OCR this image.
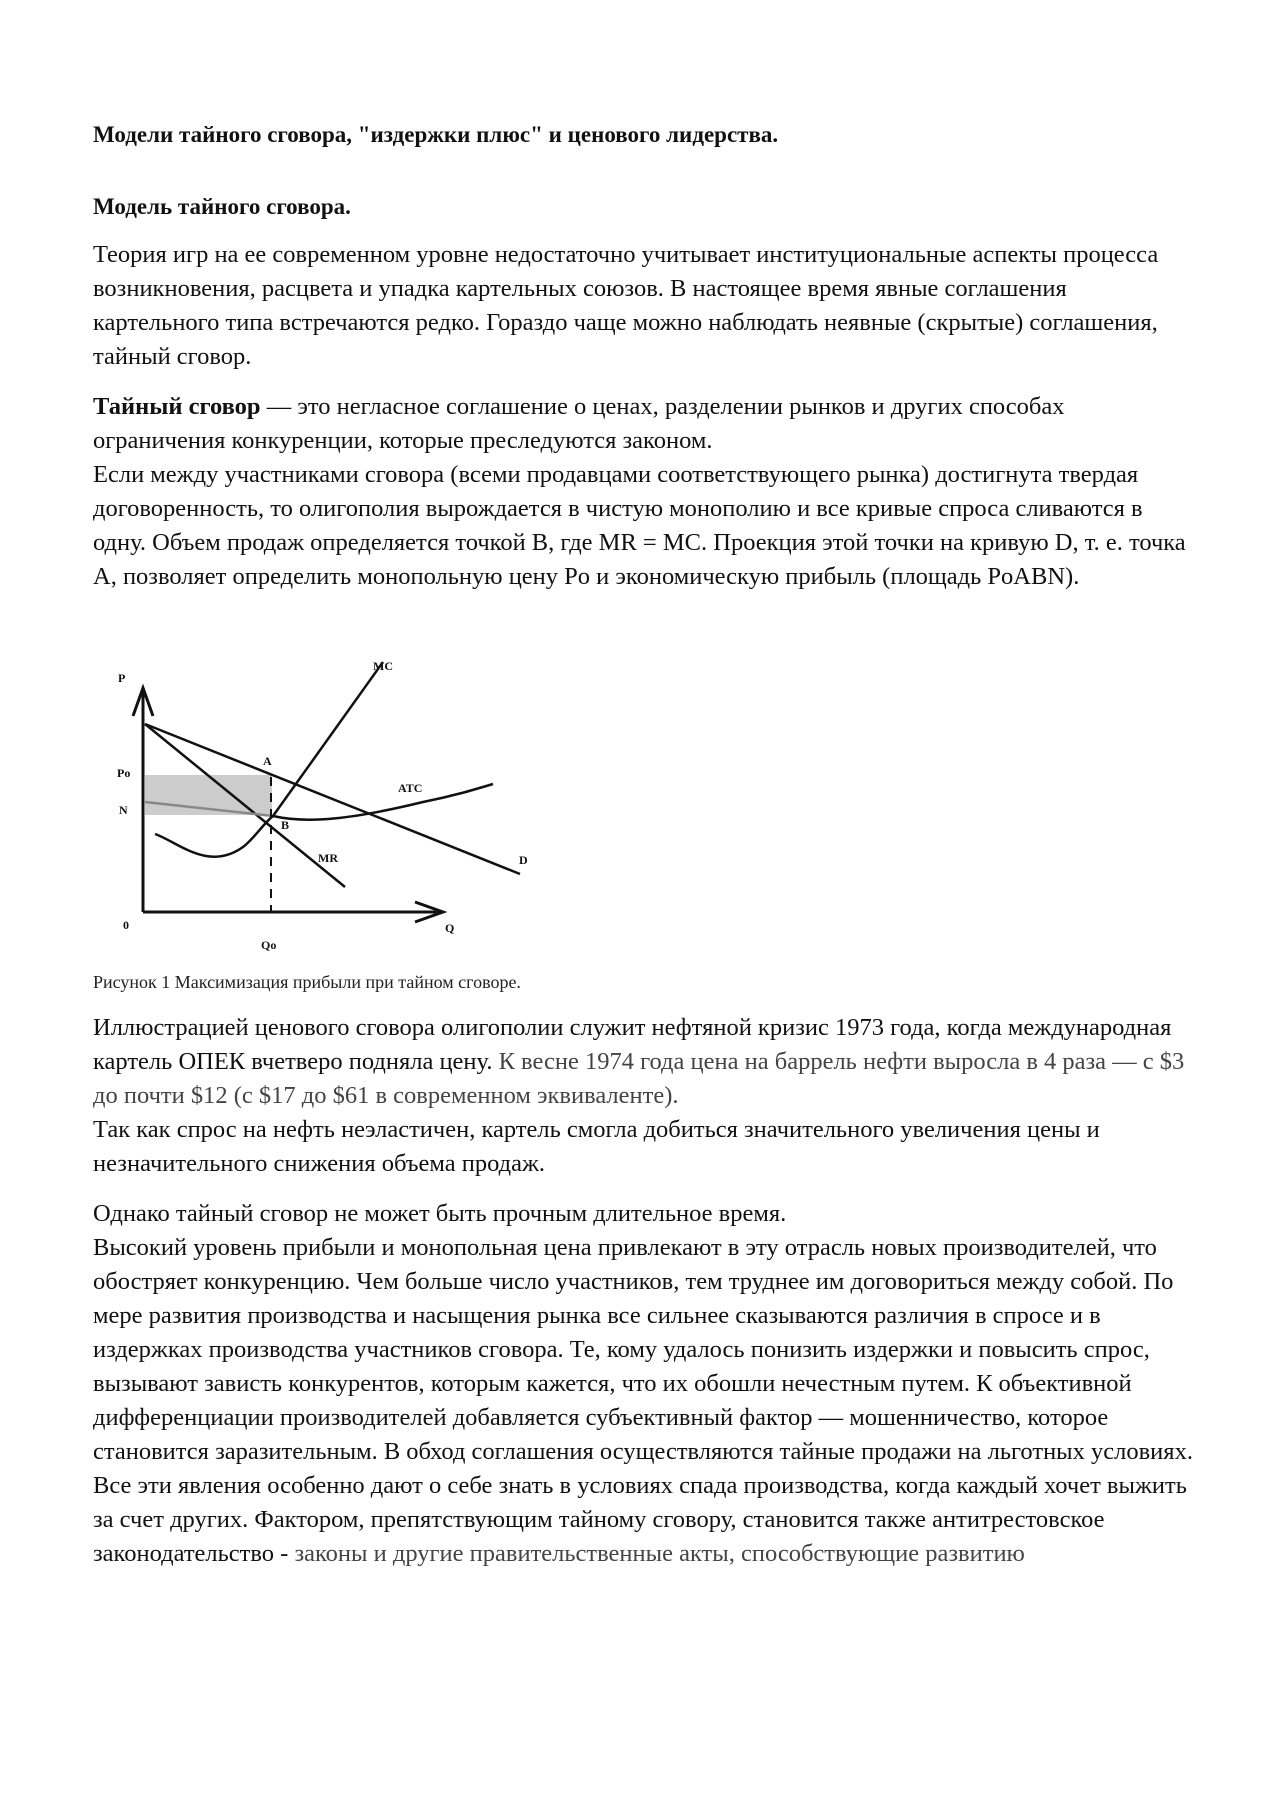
Модели тайного сговора, "издержки плюс" и ценового лидерства.
Модель тайного сговора.

Теория игр на ее современном уровне недостаточно учитывает институциональные аспекты процесса возникновения, расцвета и упадка картельных союзов. В настоящее время явные соглашения картельного типа встречаются редко. Гораздо чаще можно наблюдать неявные (скрытые) соглашения, тайный сговор.

Тайный сговор — это негласное соглашение о ценах, разделении рынков и других способах ограничения конкуренции, которые преследуются законом.
Если между участниками сговора (всеми продавцами соответствующего рынка) достигнута твердая договоренность, то олигополия вырождается в чистую монополию и все кривые спроса сливаются в одну. Объем продаж определяется точкой B, где MR = MC. Проекция этой точки на кривую D, т. е. точка A, позволяет определить монопольную цену Po и экономическую прибыль (площадь PoABN).

P
Po
N
0
Qo
Q
A
B
MC
ATC
MR	D
Рисунок 1 Максимизация прибыли при тайном сговоре.

Иллюстрацией ценового сговора олигополии служит нефтяной кризис 1973 года, когда международная картель ОПЕК вчетверо подняла цену. К весне 1974 года цена на баррель нефти выросла в 4 раза — с $3 до почти $12 (с $17 до $61 в современном эквиваленте).
Так как спрос на нефть неэластичен, картель смогла добиться значительного увеличения цены и незначительного снижения объема продаж.

Однако тайный сговор не может быть прочным длительное время.
Высокий уровень прибыли и монопольная цена привлекают в эту отрасль новых производителей, что обостряет конкуренцию. Чем больше число участников, тем труднее им договориться между собой. По мере развития производства и насыщения рынка все сильнее сказываются различия в спросе и в издержках производства участников сговора. Те, кому удалось понизить издержки и повысить спрос, вызывают зависть конкурентов, которым кажется, что их обошли нечестным путем. К объективной дифференциации производителей добавляется субъективный фактор — мошенничество, которое становится заразительным. В обход соглашения осуществляются тайные продажи на льготных условиях. Все эти явления особенно дают о себе знать в условиях спада производства, когда каждый хочет выжить за счет других. Фактором, препятствующим тайному сговору, становится также антитрестовское законодательство - законы и другие правительственные акты, способствующие развитию
